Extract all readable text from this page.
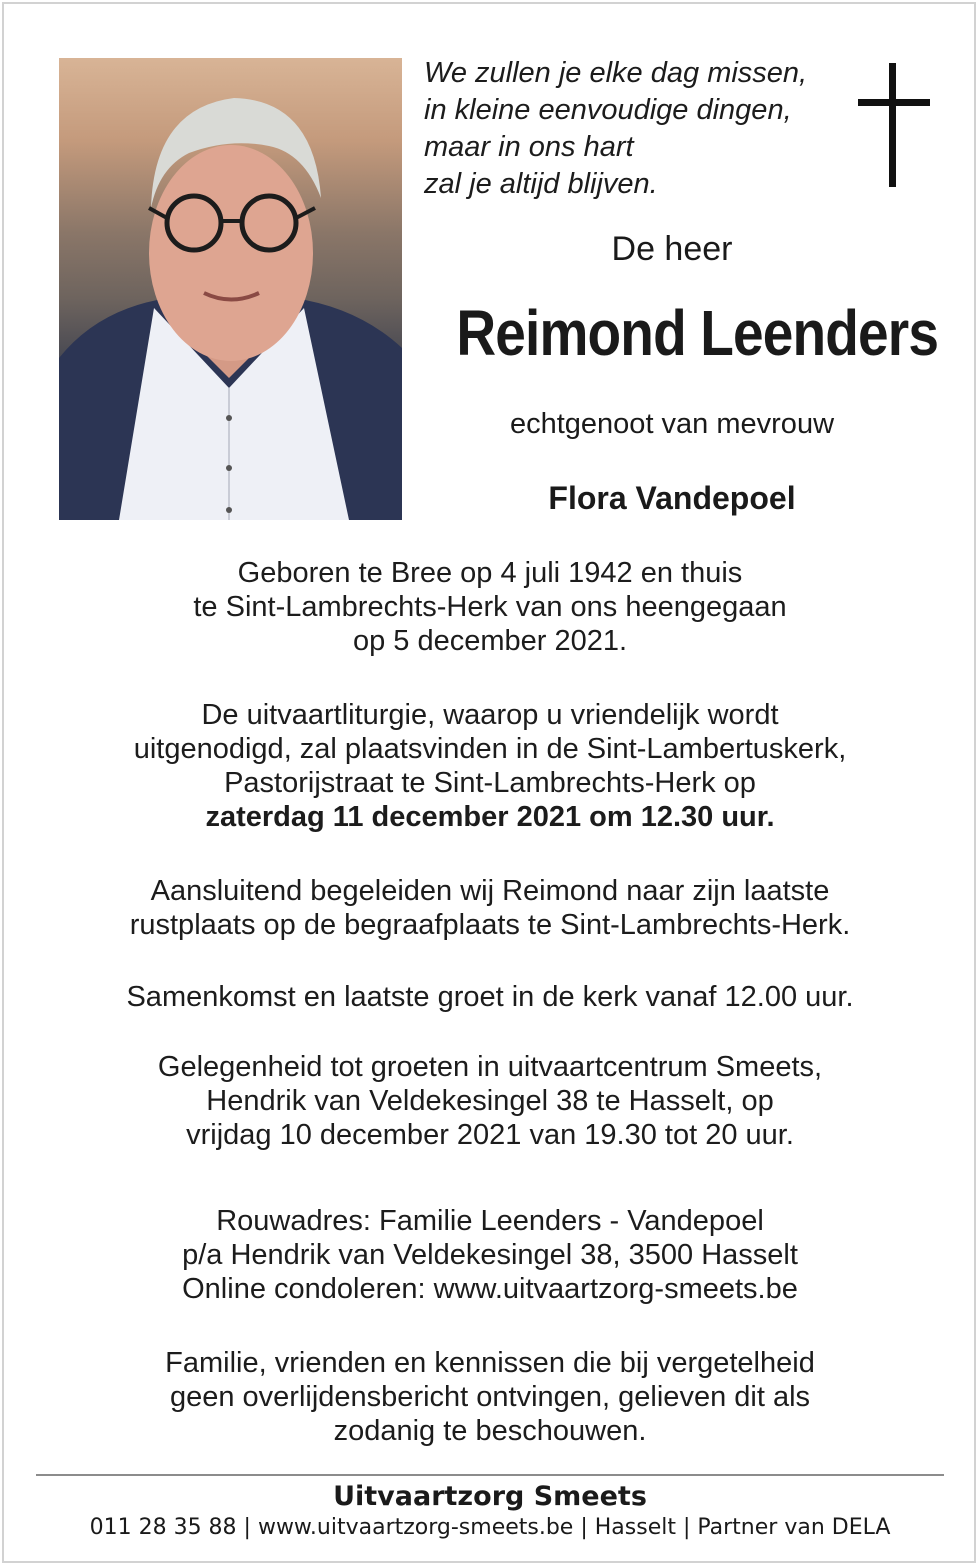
We zullen je elke dag missen,
in kleine eenvoudige dingen,
maar in ons hart
zal je altijd blijven.
De heer
Reimond Leenders
echtgenoot van mevrouw
Flora Vandepoel
Geboren te Bree op 4 juli 1942 en thuis
te Sint-Lambrechts-Herk van ons heengegaan
op 5 december 2021.
De uitvaartliturgie, waarop u vriendelijk wordt
uitgenodigd, zal plaatsvinden in de Sint-Lambertuskerk,
Pastorijstraat te Sint-Lambrechts-Herk op
zaterdag 11 december 2021 om 12.30 uur.
Aansluitend begeleiden wij Reimond naar zijn laatste
rustplaats op de begraafplaats te Sint-Lambrechts-Herk.
Samenkomst en laatste groet in de kerk vanaf 12.00 uur.
Gelegenheid tot groeten in uitvaartcentrum Smeets,
Hendrik van Veldekesingel 38 te Hasselt, op
vrijdag 10 december 2021 van 19.30 tot 20 uur.
Rouwadres: Familie Leenders - Vandepoel
p/a Hendrik van Veldekesingel 38, 3500 Hasselt
Online condoleren: www.uitvaartzorg-smeets.be
Familie, vrienden en kennissen die bij vergetelheid
geen overlijdensbericht ontvingen, gelieven dit als
zodanig te beschouwen.
Uitvaartzorg Smeets
011 28 35 88 | www.uitvaartzorg-smeets.be | Hasselt | Partner van DELA
